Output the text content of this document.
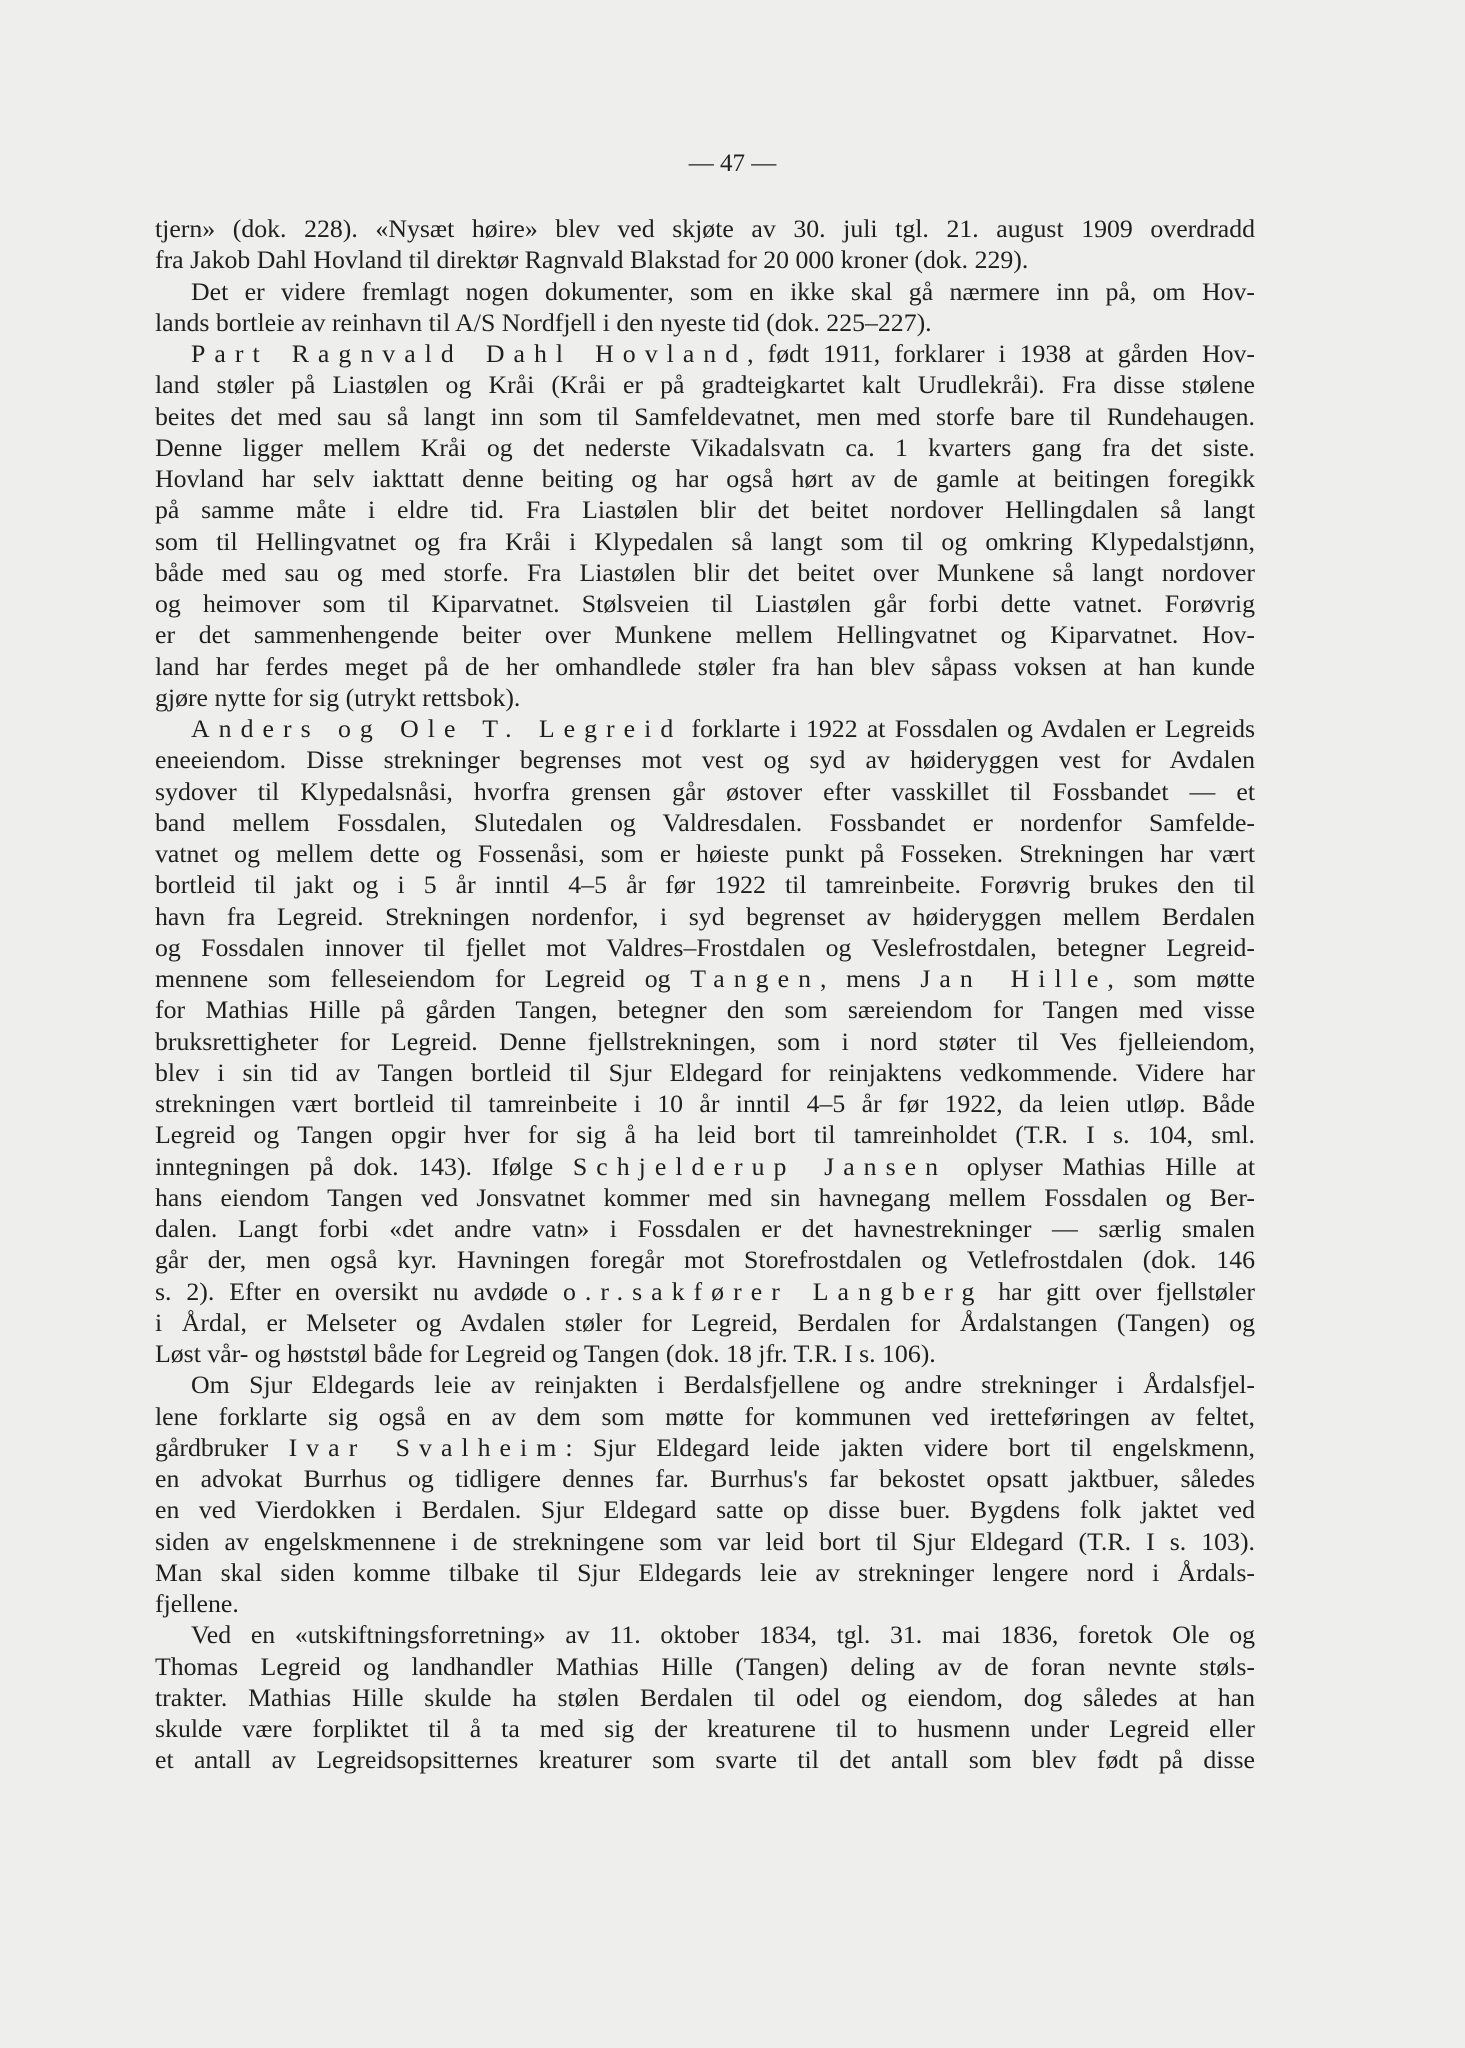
— 47 —
tjern» (dok. 228). «Nysæt høire» blev ved skjøte av 30. juli tgl. 21. august 1909 overdradd
fra Jakob Dahl Hovland til direktør Ragnvald Blakstad for 20 000 kroner (dok. 229).
Det er videre fremlagt nogen dokumenter, som en ikke skal gå nærmere inn på, om Hov-
lands bortleie av reinhavn til A/S Nordfjell i den nyeste tid (dok. 225–227).
Part Ragnvald Dahl Hovland, født 1911, forklarer i 1938 at gården Hov-
land støler på Liastølen og Kråi (Kråi er på gradteigkartet kalt Urudlekråi). Fra disse stølene
beites det med sau så langt inn som til Samfeldevatnet, men med storfe bare til Rundehaugen.
Denne ligger mellem Kråi og det nederste Vikadalsvatn ca. 1 kvarters gang fra det siste.
Hovland har selv iakttatt denne beiting og har også hørt av de gamle at beitingen foregikk
på samme måte i eldre tid. Fra Liastølen blir det beitet nordover Hellingdalen så langt
som til Hellingvatnet og fra Kråi i Klypedalen så langt som til og omkring Klypedalstjønn,
både med sau og med storfe. Fra Liastølen blir det beitet over Munkene så langt nordover
og heimover som til Kiparvatnet. Stølsveien til Liastølen går forbi dette vatnet. Forøvrig
er det sammenhengende beiter over Munkene mellem Hellingvatnet og Kiparvatnet. Hov-
land har ferdes meget på de her omhandlede støler fra han blev såpass voksen at han kunde
gjøre nytte for sig (utrykt rettsbok).
Anders og Ole T. Legreid forklarte i 1922 at Fossdalen og Avdalen er Legreids
eneeiendom. Disse strekninger begrenses mot vest og syd av høideryggen vest for Avdalen
sydover til Klypedalsnåsi, hvorfra grensen går østover efter vasskillet til Fossbandet — et
band mellem Fossdalen, Slutedalen og Valdresdalen. Fossbandet er nordenfor Samfelde-
vatnet og mellem dette og Fossenåsi, som er høieste punkt på Fosseken. Strekningen har vært
bortleid til jakt og i 5 år inntil 4–5 år før 1922 til tamreinbeite. Forøvrig brukes den til
havn fra Legreid. Strekningen nordenfor, i syd begrenset av høideryggen mellem Berdalen
og Fossdalen innover til fjellet mot Valdres–Frostdalen og Veslefrostdalen, betegner Legreid-
mennene som felleseiendom for Legreid og Tangen, mens Jan Hille, som møtte
for Mathias Hille på gården Tangen, betegner den som særeiendom for Tangen med visse
bruksrettigheter for Legreid. Denne fjellstrekningen, som i nord støter til Ves fjelleiendom,
blev i sin tid av Tangen bortleid til Sjur Eldegard for reinjaktens vedkommende. Videre har
strekningen vært bortleid til tamreinbeite i 10 år inntil 4–5 år før 1922, da leien utløp. Både
Legreid og Tangen opgir hver for sig å ha leid bort til tamreinholdet (T.R. I s. 104, sml.
inntegningen på dok. 143). Ifølge Schjelderup Jansen oplyser Mathias Hille at
hans eiendom Tangen ved Jonsvatnet kommer med sin havnegang mellem Fossdalen og Ber-
dalen. Langt forbi «det andre vatn» i Fossdalen er det havnestrekninger — særlig smalen
går der, men også kyr. Havningen foregår mot Storefrostdalen og Vetlefrostdalen (dok. 146
s. 2). Efter en oversikt nu avdøde o.r.sakfører Langberg har gitt over fjellstøler
i Årdal, er Melseter og Avdalen støler for Legreid, Berdalen for Årdalstangen (Tangen) og
Løst vår- og høststøl både for Legreid og Tangen (dok. 18 jfr. T.R. I s. 106).
Om Sjur Eldegards leie av reinjakten i Berdalsfjellene og andre strekninger i Årdalsfjel-
lene forklarte sig også en av dem som møtte for kommunen ved iretteføringen av feltet,
gårdbruker Ivar Svalheim: Sjur Eldegard leide jakten videre bort til engelskmenn,
en advokat Burrhus og tidligere dennes far. Burrhus's far bekostet opsatt jaktbuer, således
en ved Vierdokken i Berdalen. Sjur Eldegard satte op disse buer. Bygdens folk jaktet ved
siden av engelskmennene i de strekningene som var leid bort til Sjur Eldegard (T.R. I s. 103).
Man skal siden komme tilbake til Sjur Eldegards leie av strekninger lengere nord i Årdals-
fjellene.
Ved en «utskiftningsforretning» av 11. oktober 1834, tgl. 31. mai 1836, foretok Ole og
Thomas Legreid og landhandler Mathias Hille (Tangen) deling av de foran nevnte støls-
trakter. Mathias Hille skulde ha stølen Berdalen til odel og eiendom, dog således at han
skulde være forpliktet til å ta med sig der kreaturene til to husmenn under Legreid eller
et antall av Legreidsopsitternes kreaturer som svarte til det antall som blev født på disse
